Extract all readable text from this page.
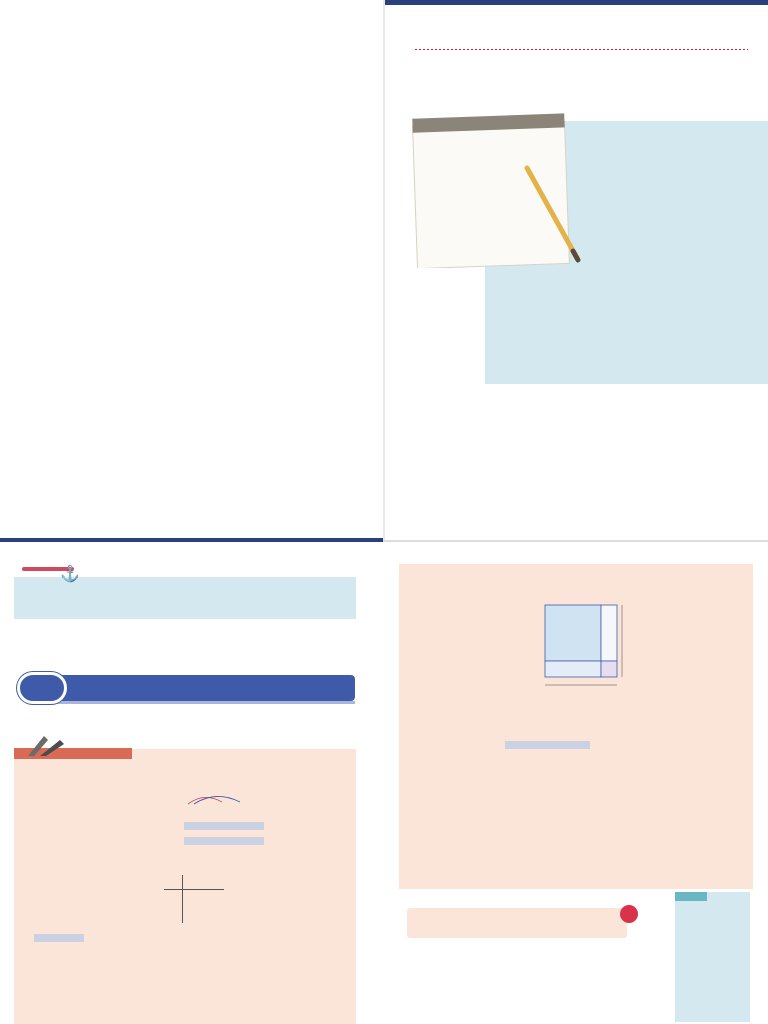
⚓
